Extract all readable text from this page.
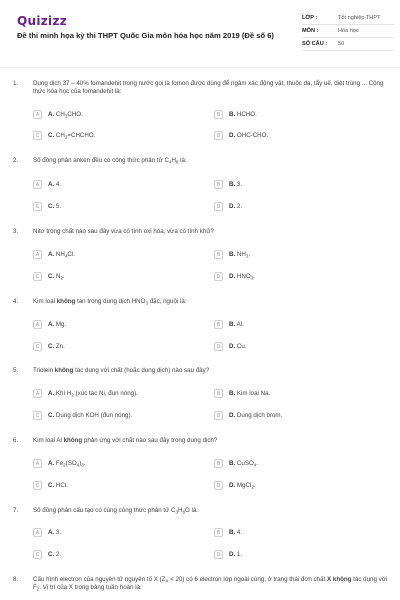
Quizizz
Đề thi minh họa kỳ thi THPT Quốc Gia môn hóa học năm 2019 (Đề số 6)
LỚP :	Tốt nghiệp THPT
MÔN :	Hóa học
SỐ CÂU :	50
1. Dung dịch 37 – 40% fomandehit trong nước gọi là fomon được dùng để ngâm xác động vật, thuộc da, tẩy uế, diệt trùng ... Công thức hóa học của fomandehit là:
A	A. $CH_3CHO$.	B	B. HCHO.
C	C. $CH_2=CHCHO$.	D	D. OHC-CHO.
2. Số đồng phân anken đều có công thức phân tử $C_4H_8$ là:
A	A. 4.	B	B. 3.
C	C. 5.	D	D. 2.
3. Nitơ trong chất nào sau đây vừa có tính oxi hóa, vừa có tính khử?
A	A. $NH_4Cl$.	B	B. $NH_3$.
C	C. $N_2$.	D	D. $HNO_3$.
4. Kim loại không tan trong dung dịch $HNO_3$ đặc, nguội là:
A	A. Mg.	B	B. Al.
C	C. Zn.	D	D. Cu.
5. Triolein không tác dụng với chất (hoặc dung dịch) nào sau đây?
A	A. Khí $H_2$ (xúc tác Ni, đun nóng).	B	B. Kim loại Na.
C	C. Dung dịch KOH (đun nóng).	D	D. Dung dịch brom.
6. Kim loại Al không phản ứng với chất nào sau đây trong dung dịch?
A	A. $Fe_2(SO_4)_3$.	B	B. CuSO$_4$.
C	C. HCl.	D	D. MgCl$_2$.
7. Số đồng phân cấu tạo có cùng công thức phân tử $C_3H_8O$ là:
A	A. 3.	B	B. 4.
C	C. 2.	D	D. 1.
8. Cấu hình electron của nguyên tử nguyên tố X $(Z_X < 20)$ có 6 electron lớp ngoài cùng, ở trạng thái đơn chất X không tác dụng với $F_2$. Vị trí của X trong bảng tuần hoàn là:
